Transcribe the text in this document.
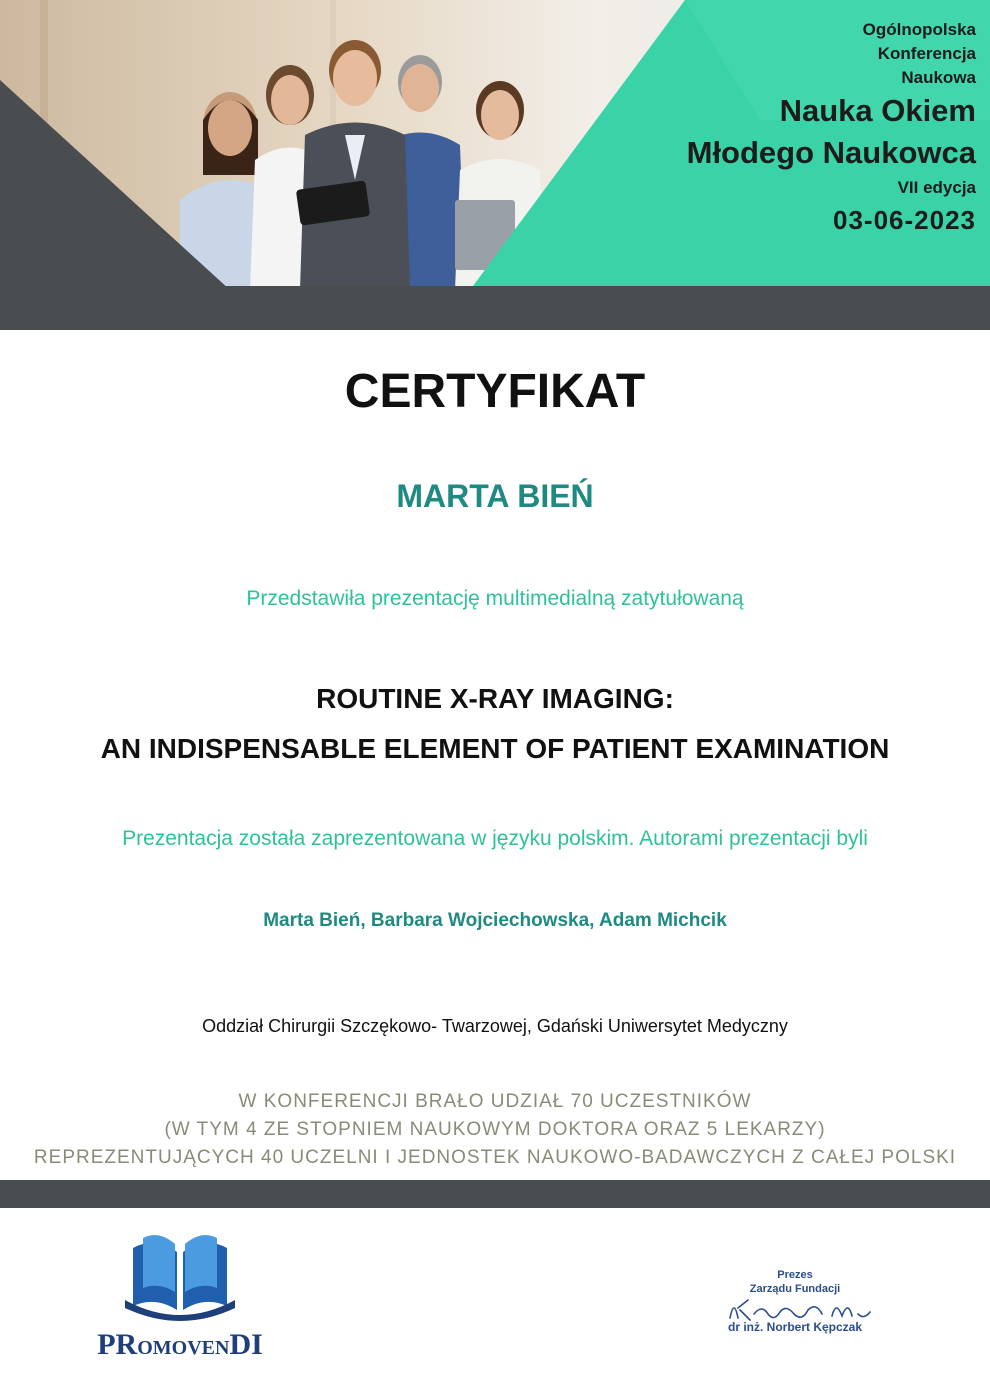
Ogólnopolska
Konferencja
Naukowa
Nauka Okiem
Młodego Naukowca
VII edycja
03-06-2023
CERTYFIKAT
MARTA BIEŃ
Przedstawiła prezentację multimedialną zatytułowaną
ROUTINE X-RAY IMAGING:
AN INDISPENSABLE ELEMENT OF PATIENT EXAMINATION
Prezentacja została zaprezentowana w języku polskim. Autorami prezentacji byli
Marta Bień, Barbara Wojciechowska, Adam Michcik
Oddział Chirurgii Szczękowo- Twarzowej, Gdański Uniwersytet Medyczny
W KONFERENCJI BRAŁO UDZIAŁ 70 UCZESTNIKÓW
(W TYM 4 ZE STOPNIEM NAUKOWYM DOKTORA ORAZ 5 LEKARZY)
REPREZENTUJĄCYCH 40 UCZELNI I JEDNOSTEK NAUKOWO-BADAWCZYCH Z CAŁEJ POLSKI
PROMOVENDI
Prezes
Zarządu Fundacji
dr inż. Norbert Kępczak
